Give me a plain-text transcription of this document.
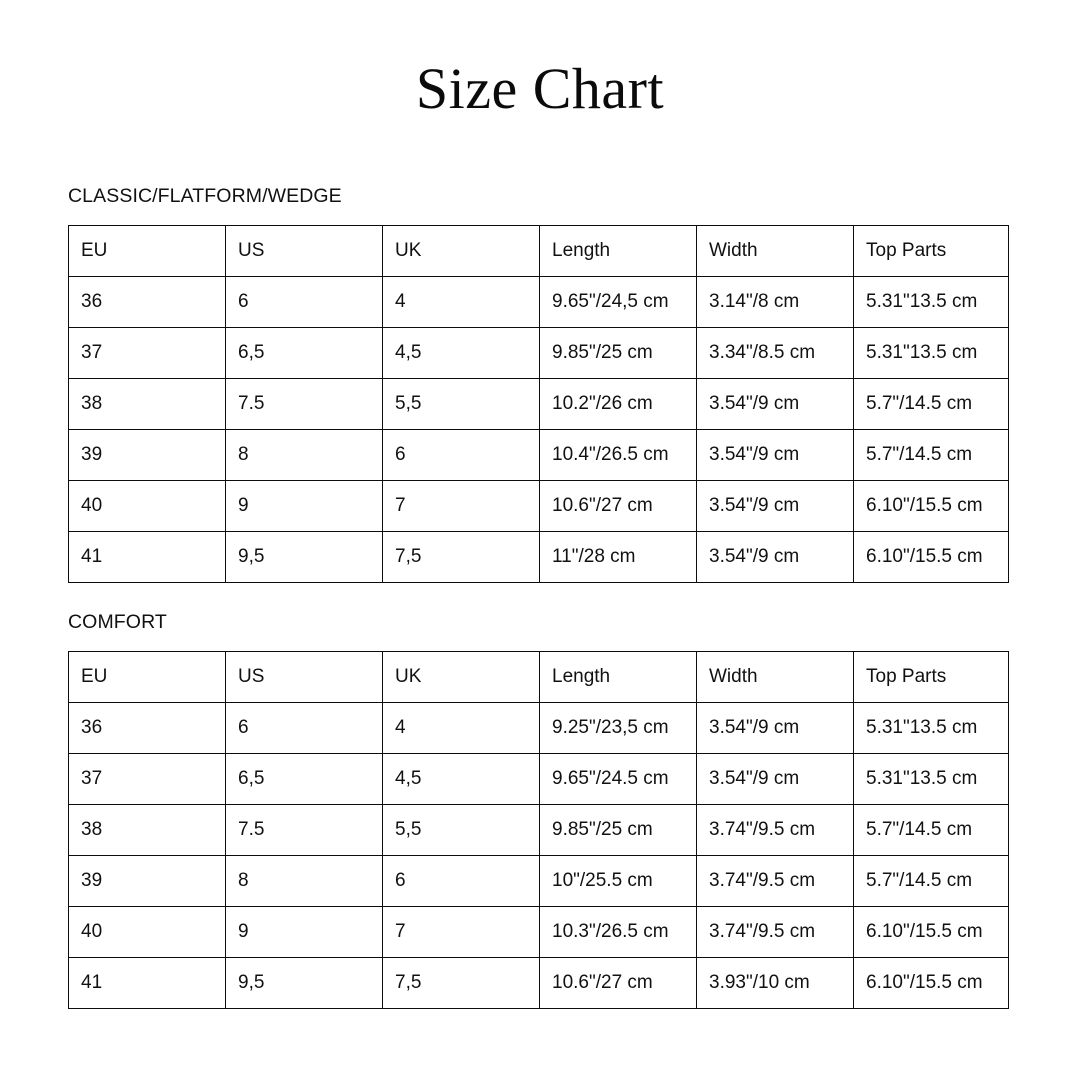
Size Chart
CLASSIC/FLATFORM/WEDGE
EU	US	UK	Length	Width	Top Parts
36	6	4	9.65"/24,5 cm	3.14"/8 cm	5.31"13.5 cm
37	6,5	4,5	9.85"/25 cm	3.34"/8.5 cm	5.31"13.5 cm
38	7.5	5,5	10.2"/26 cm	3.54"/9 cm	5.7"/14.5 cm
39	8	6	10.4"/26.5 cm	3.54"/9 cm	5.7"/14.5 cm
40	9	7	10.6"/27 cm	3.54"/9 cm	6.10"/15.5 cm
41	9,5	7,5	11"/28 cm	3.54"/9 cm	6.10"/15.5 cm
COMFORT
EU	US	UK	Length	Width	Top Parts
36	6	4	9.25"/23,5 cm	3.54"/9 cm	5.31"13.5 cm
37	6,5	4,5	9.65"/24.5 cm	3.54"/9 cm	5.31"13.5 cm
38	7.5	5,5	9.85"/25 cm	3.74"/9.5 cm	5.7"/14.5 cm
39	8	6	10"/25.5 cm	3.74"/9.5 cm	5.7"/14.5 cm
40	9	7	10.3"/26.5 cm	3.74"/9.5 cm	6.10"/15.5 cm
41	9,5	7,5	10.6"/27 cm	3.93"/10 cm	6.10"/15.5 cm
